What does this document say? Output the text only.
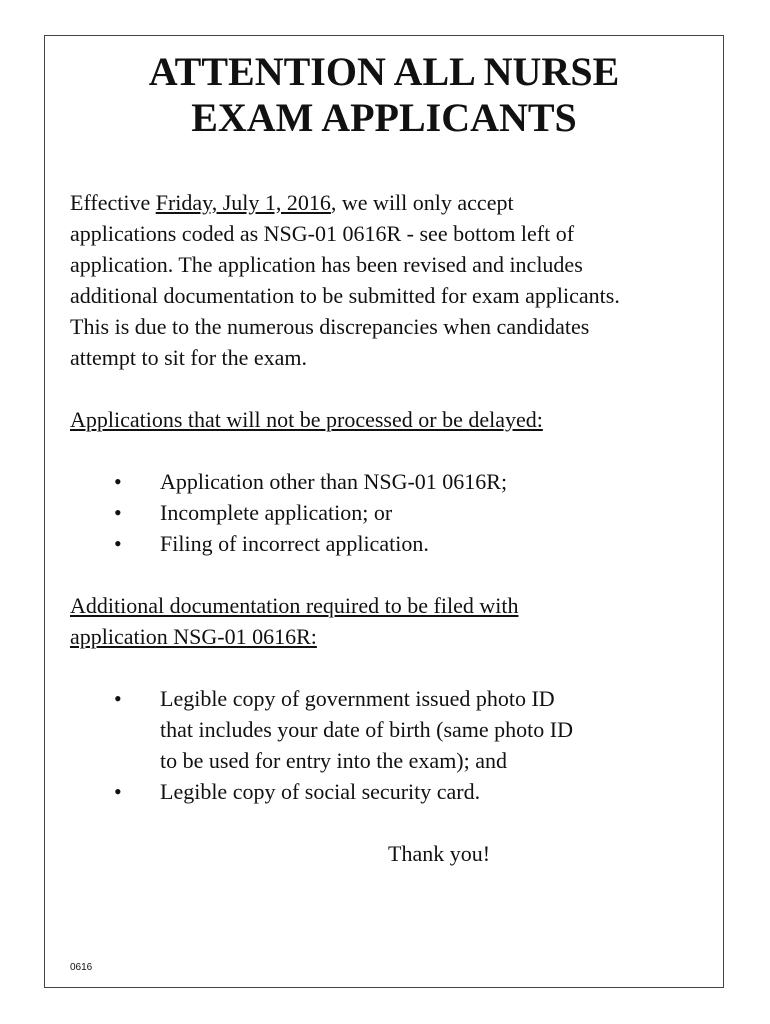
ATTENTION ALL NURSE
EXAM APPLICANTS
Effective Friday, July 1, 2016, we will only accept
applications coded as NSG-01 0616R - see bottom left of
application. The application has been revised and includes
additional documentation to be submitted for exam applicants.
This is due to the numerous discrepancies when candidates
attempt to sit for the exam.
Applications that will not be processed or be delayed:
• Application other than NSG-01 0616R;
• Incomplete application; or
• Filing of incorrect application.
Additional documentation required to be filed with
application NSG-01 0616R:
• Legible copy of government issued photo ID
that includes your date of birth (same photo ID
to be used for entry into the exam); and
• Legible copy of social security card.

Thank you!

0616
